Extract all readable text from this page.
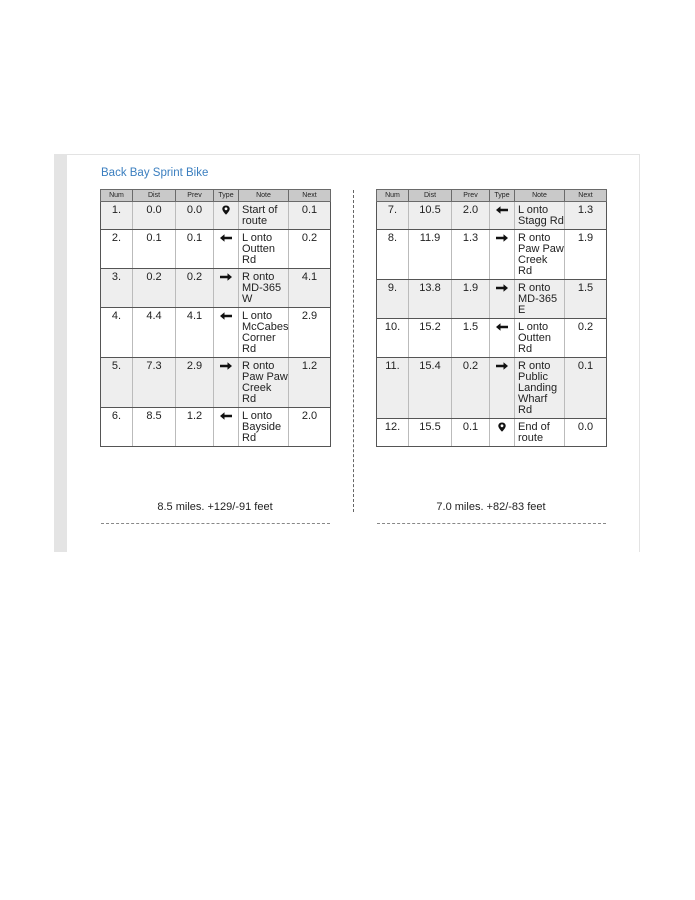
Back Bay Sprint Bike
Num	Dist	Prev	Type	Note	Next
1.	0.0	0.0		Start of route	0.1
2.	0.1	0.1		L onto Outten Rd	0.2
3.	0.2	0.2		R onto MD-365 W	4.1
4.	4.4	4.1		L onto McCabes Corner Rd	2.9
5.	7.3	2.9		R onto Paw Paw Creek Rd	1.2
6.	8.5	1.2		L onto Bayside Rd	2.0
Num	Dist	Prev	Type	Note	Next
7.	10.5	2.0		L onto Stagg Rd	1.3
8.	11.9	1.3		R onto Paw Paw Creek Rd	1.9
9.	13.8	1.9		R onto MD-365 E	1.5
10.	15.2	1.5		L onto Outten Rd	0.2
11.	15.4	0.2		R onto Public Landing Wharf Rd	0.1
12.	15.5	0.1		End of route	0.0
8.5 miles. +129/-91 feet	7.0 miles. +82/-83 feet
